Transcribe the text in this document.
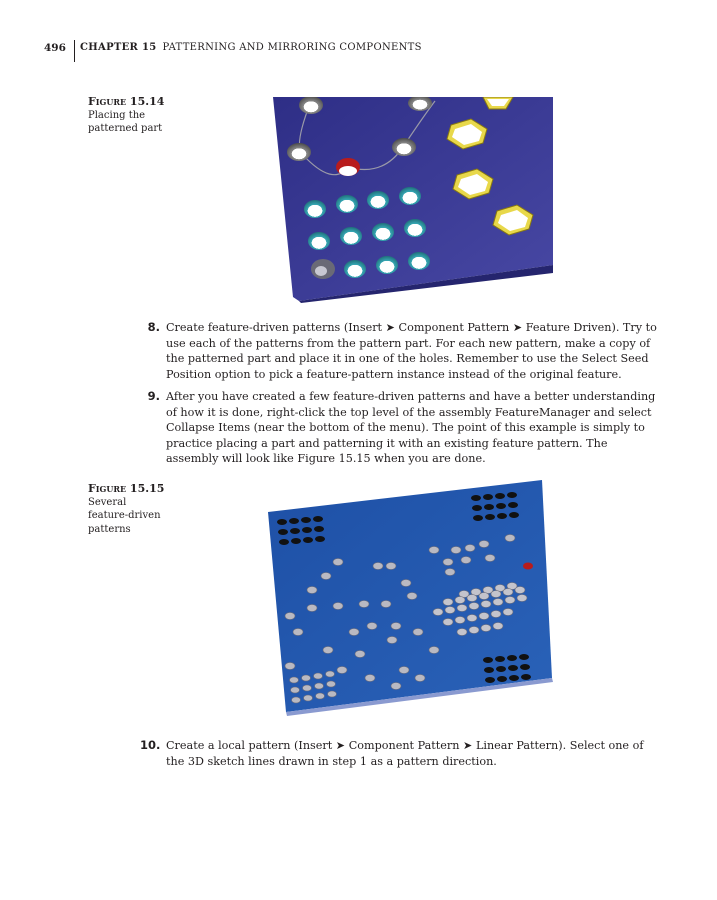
496 CHAPTER 15 PATTERNING AND MIRRORING COMPONENTS
Figure 15.14
Placing the patterned part
8. Create feature-driven patterns (Insert ➤ Component Pattern ➤ Feature Driven). Try to use each of the patterns from the pattern part. For each new pattern, make a copy of the patterned part and place it in one of the holes. Remember to use the Select Seed Position option to pick a feature-pattern instance instead of the original feature.
9. After you have created a few feature-driven patterns and have a better understanding of how it is done, right-click the top level of the assembly FeatureManager and select Collapse Items (near the bottom of the menu). The point of this example is simply to practice placing a part and patterning it with an existing feature pattern. The assembly will look like Figure 15.15 when you are done.
Figure 15.15
Several feature-driven patterns
10. Create a local pattern (Insert ➤ Component Pattern ➤ Linear Pattern). Select one of the 3D sketch lines drawn in step 1 as a pattern direction.
